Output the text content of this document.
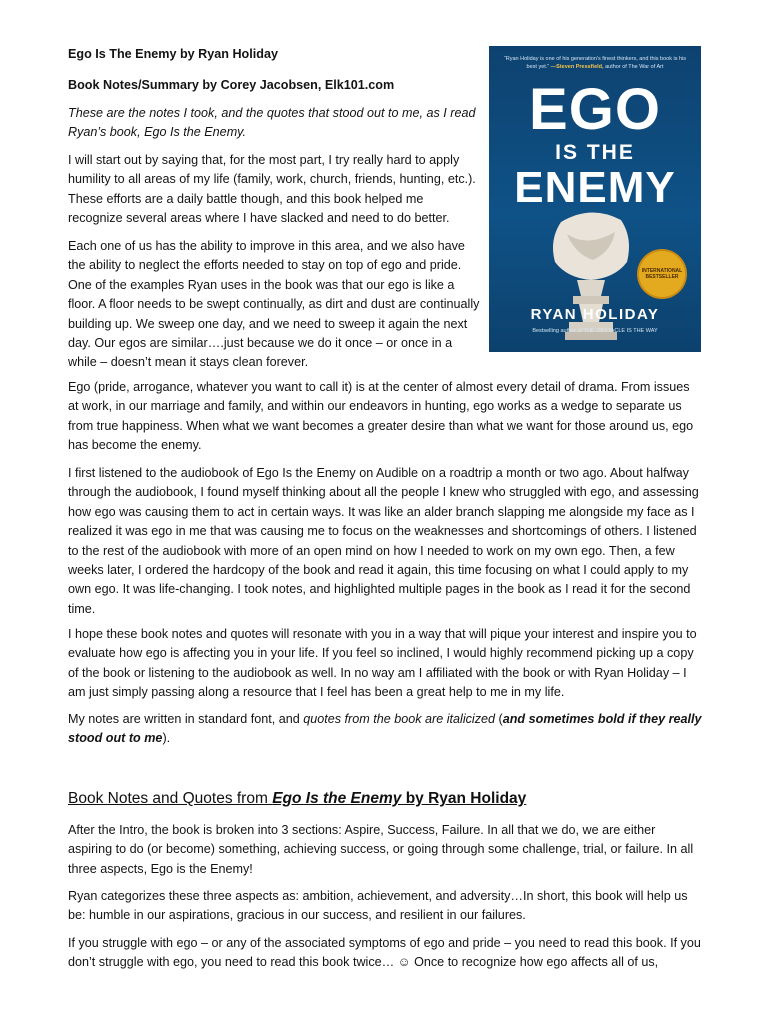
Ego Is The Enemy by Ryan Holiday

Book Notes/Summary by Corey Jacobsen, Elk101.com

These are the notes I took, and the quotes that stood out to me, as I read Ryan’s book, Ego Is the Enemy.

I will start out by saying that, for the most part, I try really hard to apply humility to all areas of my life (family, work, church, friends, hunting, etc.). These efforts are a daily battle though, and this book helped me recognize several areas where I have slacked and need to do better.

Each one of us has the ability to improve in this area, and we also have the ability to neglect the efforts needed to stay on top of ego and pride. One of the examples Ryan uses in the book was that our ego is like a floor. A floor needs to be swept continually, as dirt and dust are continually building up. We sweep one day, and we need to sweep it again the next day. Our egos are similar….just because we do it once – or once in a while – doesn’t mean it stays clean forever.

Ego (pride, arrogance, whatever you want to call it) is at the center of almost every detail of drama. From issues at work, in our marriage and family, and within our endeavors in hunting, ego works as a wedge to separate us from true happiness. When what we want becomes a greater desire than what we want for those around us, ego has become the enemy.

I first listened to the audiobook of Ego Is the Enemy on Audible on a roadtrip a month or two ago. About halfway through the audiobook, I found myself thinking about all the people I knew who struggled with ego, and assessing how ego was causing them to act in certain ways. It was like an alder branch slapping me alongside my face as I realized it was ego in me that was causing me to focus on the weaknesses and shortcomings of others. I listened to the rest of the audiobook with more of an open mind on how I needed to work on my own ego. Then, a few weeks later, I ordered the hardcopy of the book and read it again, this time focusing on what I could apply to my own ego. It was life-changing. I took notes, and highlighted multiple pages in the book as I read it for the second time.

I hope these book notes and quotes will resonate with you in a way that will pique your interest and inspire you to evaluate how ego is affecting you in your life. If you feel so inclined, I would highly recommend picking up a copy of the book or listening to the audiobook as well. In no way am I affiliated with the book or with Ryan Holiday – I am just simply passing along a resource that I feel has been a great help to me in my life.

My notes are written in standard font, and quotes from the book are italicized (and sometimes bold if they really stood out to me).

Book Notes and Quotes from Ego Is the Enemy by Ryan Holiday

After the Intro, the book is broken into 3 sections: Aspire, Success, Failure. In all that we do, we are either aspiring to do (or become) something, achieving success, or going through some challenge, trial, or failure. In all three aspects, Ego is the Enemy!

Ryan categorizes these three aspects as: ambition, achievement, and adversity…In short, this book will help us be: humble in our aspirations, gracious in our success, and resilient in our failures.

If you struggle with ego – or any of the associated symptoms of ego and pride – you need to read this book. If you don’t struggle with ego, you need to read this book twice… ☺ Once to recognize how ego affects all of us,

“Ryan Holiday is one of his generation’s finest thinkers, and this book is his best yet.” —Steven Pressfield, author of The War of Art
EGO
IS THE
ENEMY
INTERNATIONAL BESTSELLER
RYAN HOLIDAY
Bestselling author of THE OBSTACLE IS THE WAY
